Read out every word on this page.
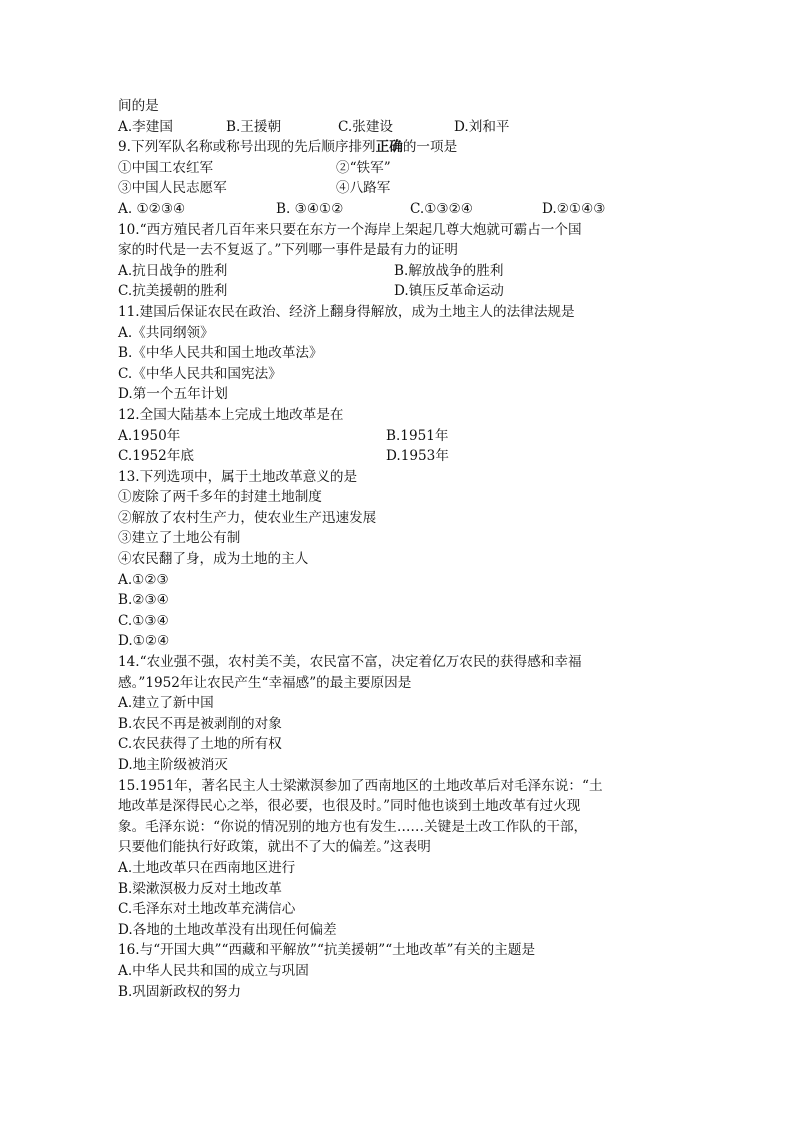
间的是
A.李建国	B.王援朝	C.张建设	D.刘和平
9.下列军队名称或称号出现的先后顺序排列正确的一项是
①中国工农红军	②“铁军”
③中国人民志愿军	④八路军
A. ①②③④	B. ③④①②	C.①③②④	D.②①④③
10.“西方殖民者几百年来只要在东方一个海岸上架起几尊大炮就可霸占一个国
家的时代是一去不复返了。”下列哪一事件是最有力的证明
A.抗日战争的胜利	B.解放战争的胜利
C.抗美援朝的胜利	D.镇压反革命运动
11.建国后保证农民在政治、经济上翻身得解放，成为土地主人的法律法规是
A.《共同纲领》
B.《中华人民共和国土地改革法》
C.《中华人民共和国宪法》
D.第一个五年计划
12.全国大陆基本上完成土地改革是在
A.1950年	B.1951年
C.1952年底	D.1953年
13.下列选项中，属于土地改革意义的是
①废除了两千多年的封建土地制度
②解放了农村生产力，使农业生产迅速发展
③建立了土地公有制
④农民翻了身，成为土地的主人
A.①②③
B.②③④
C.①③④
D.①②④
14.“农业强不强，农村美不美，农民富不富，决定着亿万农民的获得感和幸福
感。”1952年让农民产生“幸福感”的最主要原因是
A.建立了新中国
B.农民不再是被剥削的对象
C.农民获得了土地的所有权
D.地主阶级被消灭
15.1951年，著名民主人士梁漱溟参加了西南地区的土地改革后对毛泽东说：“土
地改革是深得民心之举，很必要，也很及时。”同时他也谈到土地改革有过火现
象。毛泽东说：“你说的情况别的地方也有发生……关键是土改工作队的干部，
只要他们能执行好政策，就出不了大的偏差。”这表明
A.土地改革只在西南地区进行
B.梁漱溟极力反对土地改革
C.毛泽东对土地改革充满信心
D.各地的土地改革没有出现任何偏差
16.与“开国大典”“西藏和平解放”“抗美援朝”“土地改革”有关的主题是
A.中华人民共和国的成立与巩固
B.巩固新政权的努力
